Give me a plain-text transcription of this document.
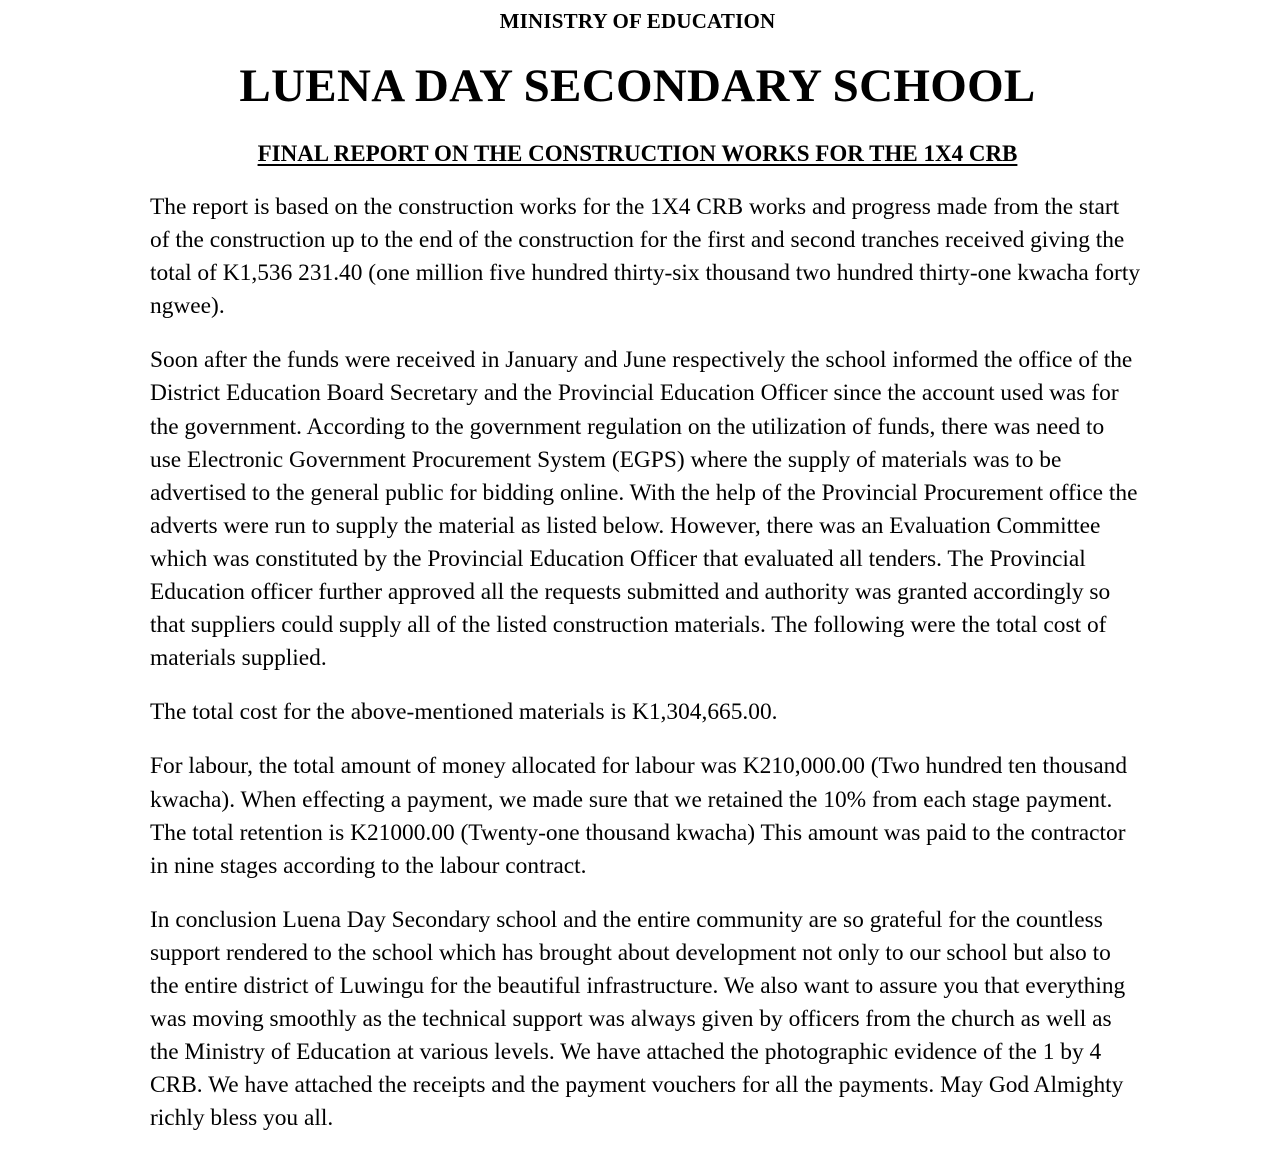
MINISTRY OF EDUCATION
LUENA DAY SECONDARY SCHOOL
FINAL REPORT ON THE CONSTRUCTION WORKS FOR THE 1X4 CRB

The report is based on the construction works for the 1X4 CRB works and progress made from the start of the construction up to the end of the construction for the first and second tranches received giving the total of K1,536 231.40 (one million five hundred thirty-six thousand two hundred thirty-one kwacha forty ngwee).

Soon after the funds were received in January and June respectively the school informed the office of the District Education Board Secretary and the Provincial Education Officer since the account used was for the government. According to the government regulation on the utilization of funds, there was need to use Electronic Government Procurement System (EGPS) where the supply of materials was to be advertised to the general public for bidding online. With the help of the Provincial Procurement office the adverts were run to supply the material as listed below. However, there was an Evaluation Committee which was constituted by the Provincial Education Officer that evaluated all tenders. The Provincial Education officer further approved all the requests submitted and authority was granted accordingly so that suppliers could supply all of the listed construction materials. The following were the total cost of materials supplied.

The total cost for the above-mentioned materials is K1,304,665.00.

For labour, the total amount of money allocated for labour was K210,000.00 (Two hundred ten thousand kwacha). When effecting a payment, we made sure that we retained the 10% from each stage payment. The total retention is K21000.00 (Twenty-one thousand kwacha) This amount was paid to the contractor in nine stages according to the labour contract.

In conclusion Luena Day Secondary school and the entire community are so grateful for the countless support rendered to the school which has brought about development not only to our school but also to the entire district of Luwingu for the beautiful infrastructure. We also want to assure you that everything was moving smoothly as the technical support was always given by officers from the church as well as the Ministry of Education at various levels. We have attached the photographic evidence of the 1 by 4 CRB. We have attached the receipts and the payment vouchers for all the payments. May God Almighty richly bless you all.
